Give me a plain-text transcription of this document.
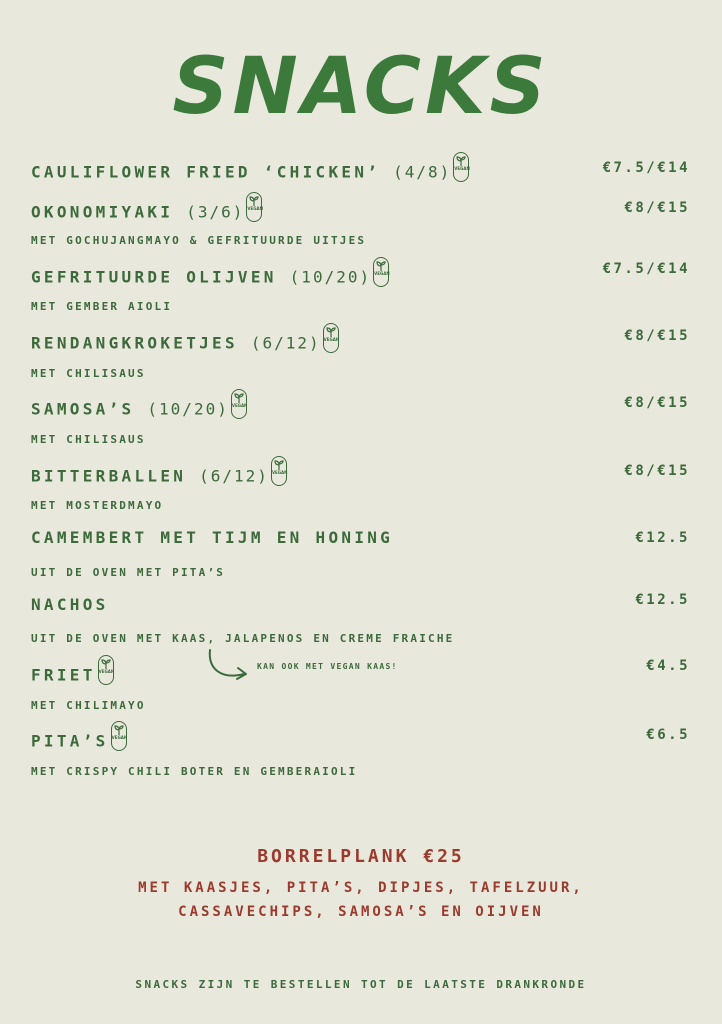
SNACKS
CAULIFLOWER FRIED ‘CHICKEN’ (4/8) VEGAN	€7.5/€14
OKONOMIYAKI (3/6) VEGAN	€8/€15
MET GOCHUJANGMAYO & GEFRITUURDE UITJES
GEFRITUURDE OLIJVEN (10/20) VEGAN	€7.5/€14
MET GEMBER AIOLI
RENDANGKROKETJES (6/12) VEGAN	€8/€15
MET CHILISAUS
SAMOSA’S (10/20) VEGAN	€8/€15
MET CHILISAUS
BITTERBALLEN (6/12) VEGAN	€8/€15
MET MOSTERDMAYO
CAMEMBERT MET TIJM EN HONING	€12.5
UIT DE OVEN MET PITA’S
NACHOS	€12.5
UIT DE OVEN MET KAAS, JALAPENOS EN CREME FRAICHE
FRIET VEGAN	€4.5
MET CHILIMAYO
PITA’S VEGAN	€6.5
MET CRISPY CHILI BOTER EN GEMBERAIOLI
KAN OOK MET VEGAN KAAS!
BORRELPLANK €25
MET KAASJES, PITA’S, DIPJES, TAFELZUUR,
CASSAVECHIPS, SAMOSA’S EN OIJVEN
SNACKS ZIJN TE BESTELLEN TOT DE LAATSTE DRANKRONDE
